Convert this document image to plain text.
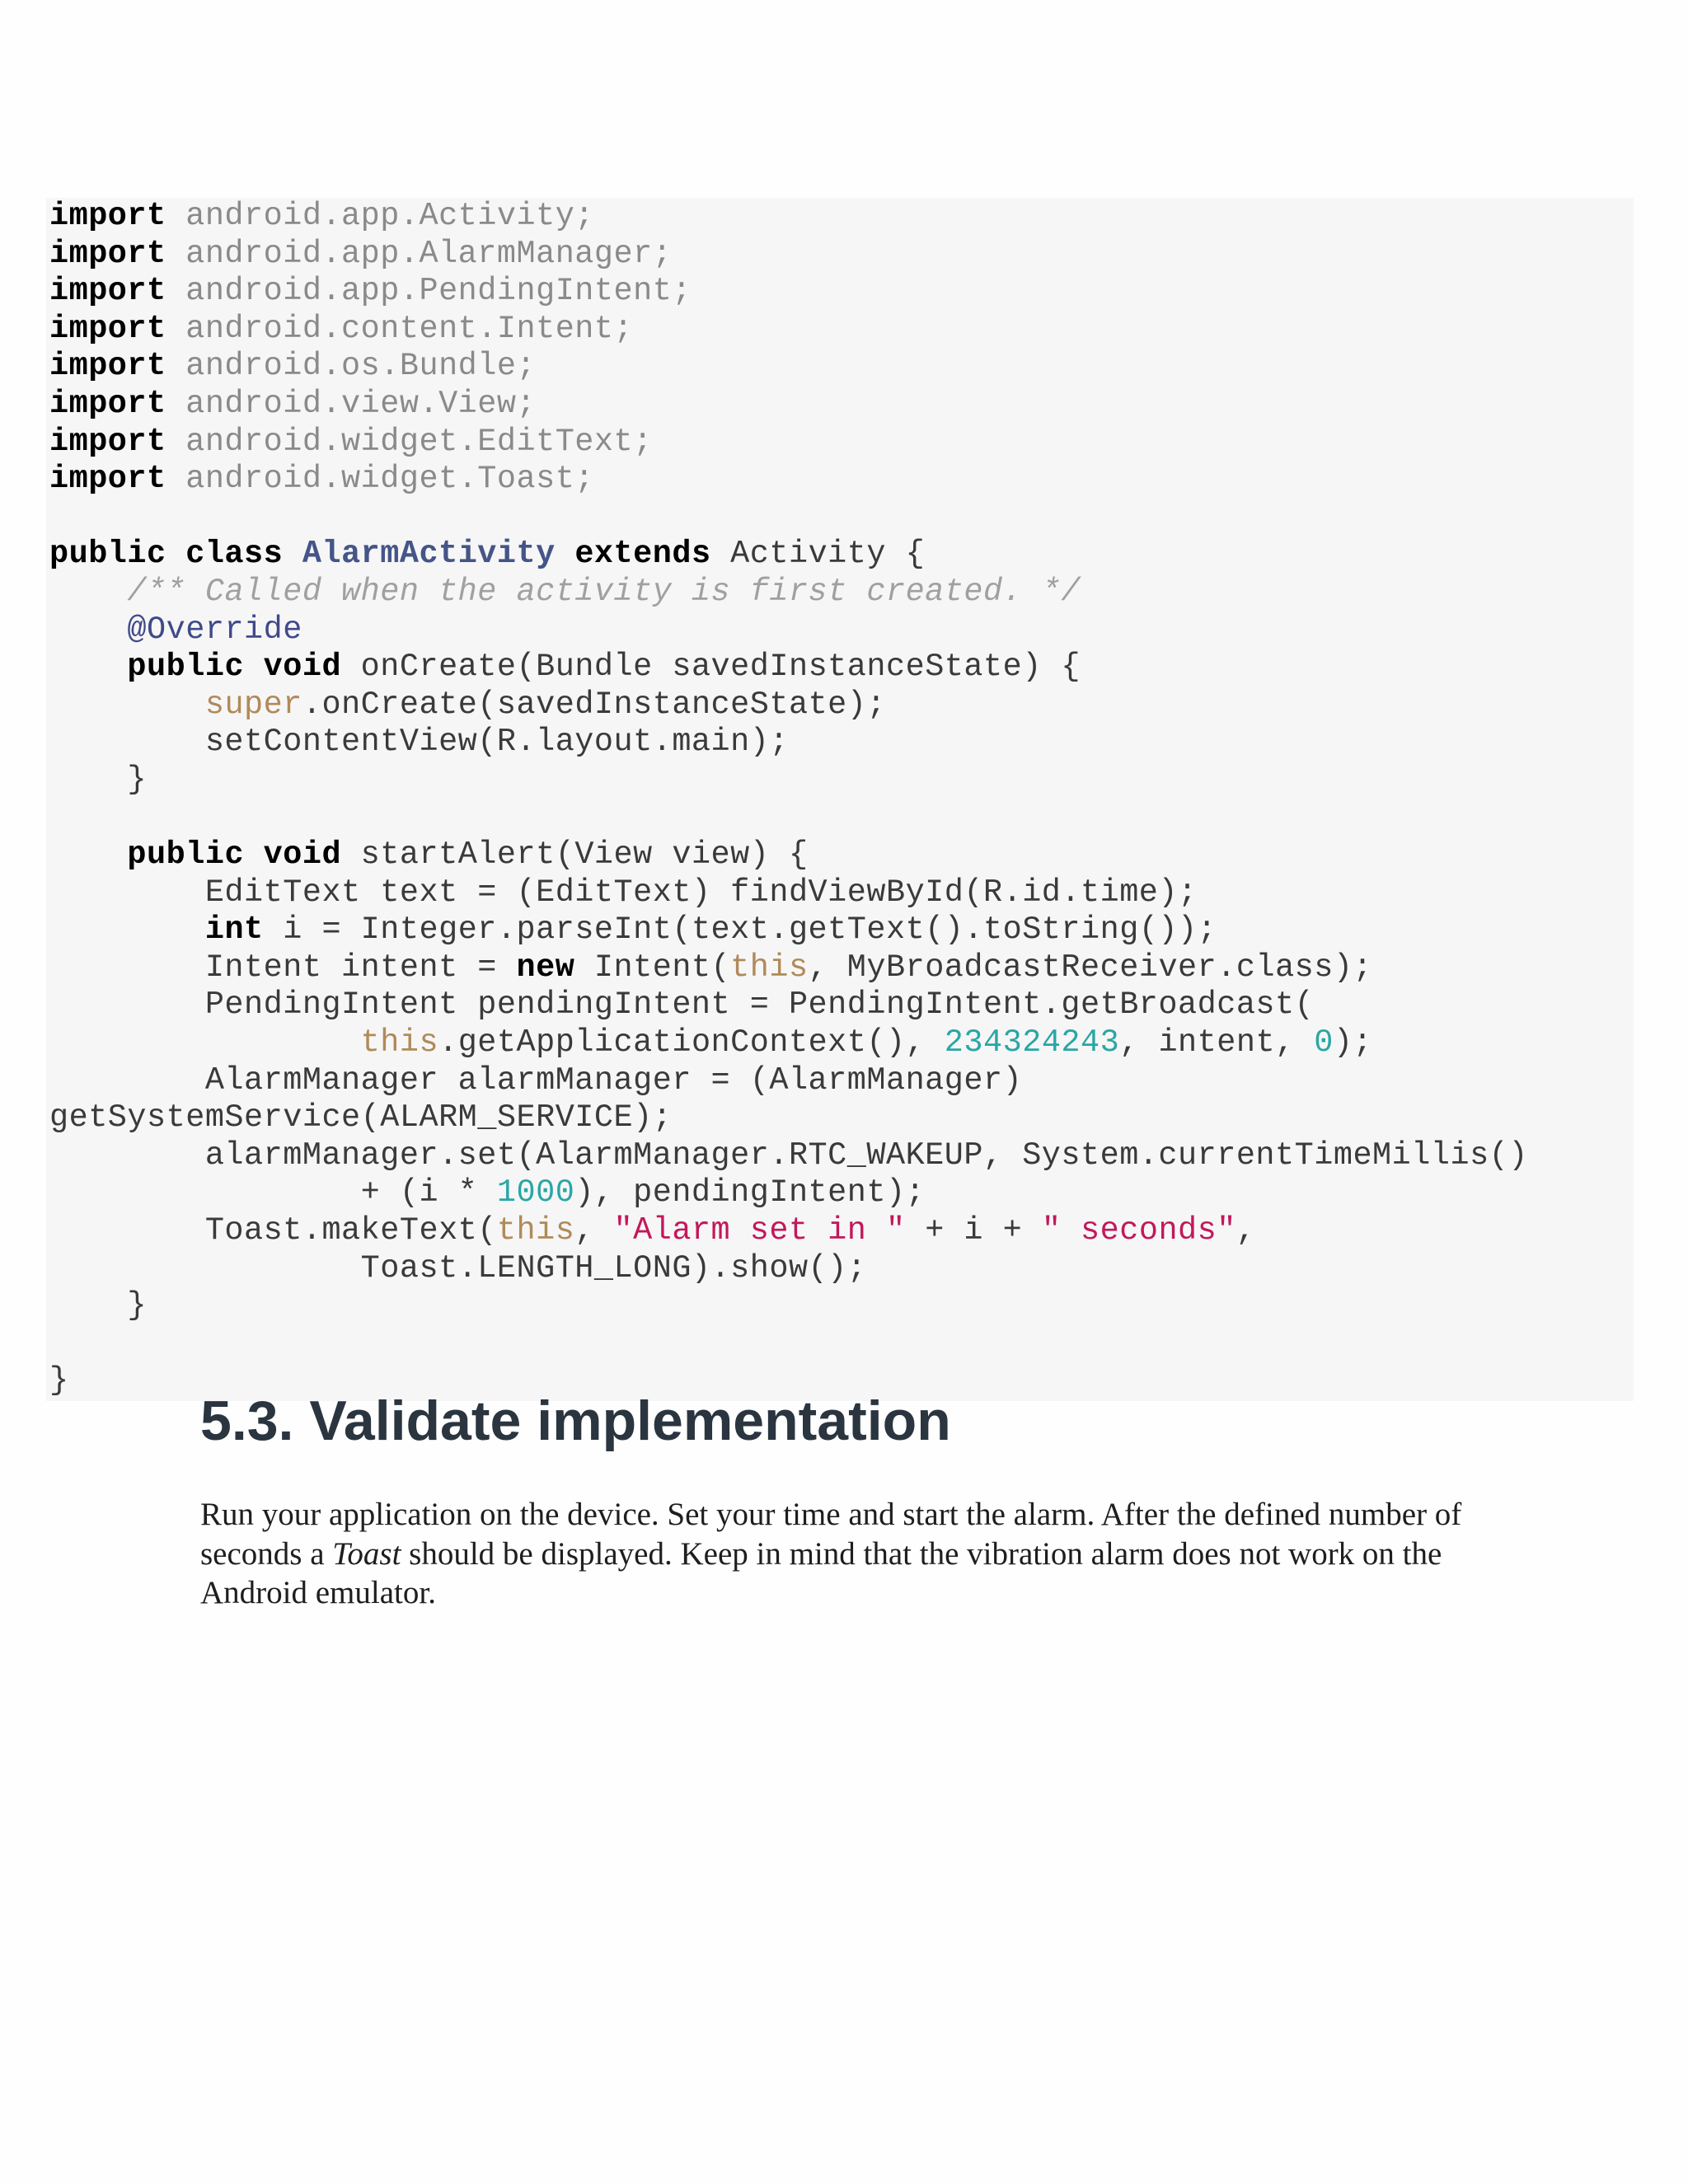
import android.app.Activity;
import android.app.AlarmManager;
import android.app.PendingIntent;
import android.content.Intent;
import android.os.Bundle;
import android.view.View;
import android.widget.EditText;
import android.widget.Toast;

public class AlarmActivity extends Activity {
/** Called when the activity is first created. */
@Override
public void onCreate(Bundle savedInstanceState) {
super.onCreate(savedInstanceState);
setContentView(R.layout.main);
}

public void startAlert(View view) {
EditText text = (EditText) findViewById(R.id.time);
int i = Integer.parseInt(text.getText().toString());
Intent intent = new Intent(this, MyBroadcastReceiver.class);
PendingIntent pendingIntent = PendingIntent.getBroadcast(
this.getApplicationContext(), 234324243, intent, 0);
AlarmManager alarmManager = (AlarmManager)
getSystemService(ALARM_SERVICE);
alarmManager.set(AlarmManager.RTC_WAKEUP, System.currentTimeMillis()
+ (i * 1000), pendingIntent);
Toast.makeText(this, "Alarm set in " + i + " seconds",
Toast.LENGTH_LONG).show();
}

}
5.3. Validate implementation

Run your application on the device. Set your time and start the alarm. After the defined number of seconds a Toast should be displayed. Keep in mind that the vibration alarm does not work on the Android emulator.
